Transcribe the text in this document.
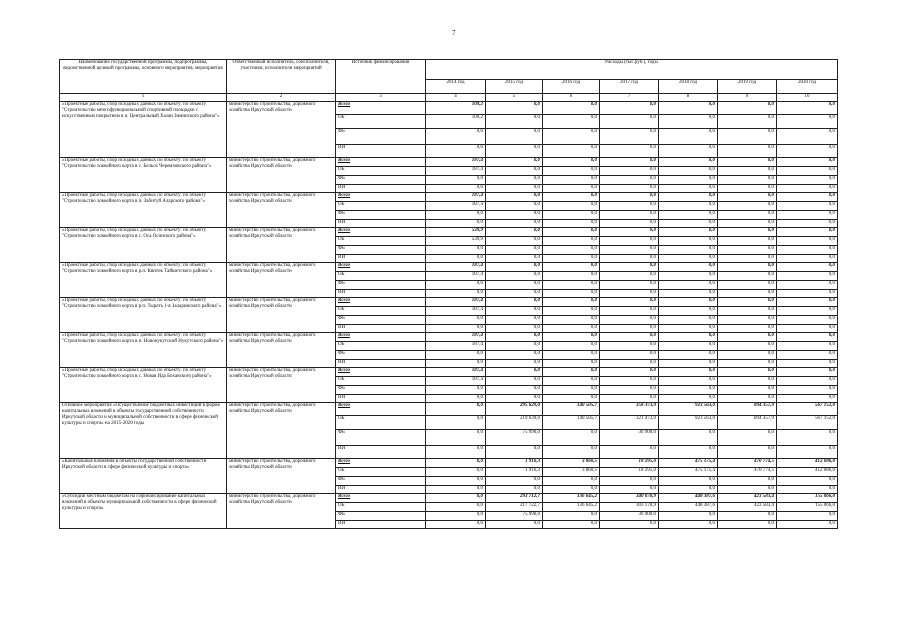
7
Наименование государственной программы, подпрограммы, ведомственной целевой программы, основного мероприятия, мероприятия	Ответственный исполнитель, соисполнители, участники, исполнители мероприятий	Источник финансирования	Расходы (тыс.руб.), годы						
			2014 год	2015 год	2016 год	2017 год	2018 год	2019 год	2020 год
1	2	3	4	5	6	7	8	9	10
«Проектные работы, сбор исходных данных по объекту: по объекту "Строительство многофункциональной спортивной площадки с искусственным покрытием в п. Центральный Хазан Зиминского района"»	министерство строительства, дорожного хозяйства Иркутской области	Всего	109,2	0,0	0,0	0,0	0,0	0,0	0,0
		ОБ	109,2	0,0	0,0	0,0	0,0	0,0	0,0
		ФБ	0,0	0,0	0,0	0,0	0,0	0,0	0,0
		ИИ	0,0	0,0	0,0	0,0	0,0	0,0	0,0
«Проектные работы, сбор исходных данных по объекту: по объекту "Строительство хоккейного корта в с. Бельск Черемховского района"»	министерство строительства, дорожного хозяйства Иркутской области	Всего	187,4	0,0	0,0	0,0	0,0	0,0	0,0
		ОБ	187,4	0,0	0,0	0,0	0,0	0,0	0,0
		ФБ	0,0	0,0	0,0	0,0	0,0	0,0	0,0
		ИИ	0,0	0,0	0,0	0,0	0,0	0,0	0,0
«Проектные работы, сбор исходных данных по объекту: по объекту "Строительство хоккейного корта в п. Забитуй Аларского района"»	министерство строительства, дорожного хозяйства Иркутской области	Всего	187,4	0,0	0,0	0,0	0,0	0,0	0,0
		ОБ	187,4	0,0	0,0	0,0	0,0	0,0	0,0
		ФБ	0,0	0,0	0,0	0,0	0,0	0,0	0,0
		ИИ	0,0	0,0	0,0	0,0	0,0	0,0	0,0
«Проектные работы, сбор исходных данных по объекту: по объекту "Строительство хоккейного корта в с. Оса Осинского района"»	министерство строительства, дорожного хозяйства Иркутской области	Всего	539,9	0,0	0,0	0,0	0,0	0,0	0,0
		ОБ	539,9	0,0	0,0	0,0	0,0	0,0	0,0
		ФБ	0,0	0,0	0,0	0,0	0,0	0,0	0,0
		ИИ	0,0	0,0	0,0	0,0	0,0	0,0	0,0
«Проектные работы, сбор исходных данных по объекту: по объекту "Строительство хоккейного корта в р.п. Квиток Тайшетского района"»	министерство строительства, дорожного хозяйства Иркутской области	Всего	187,4	0,0	0,0	0,0	0,0	0,0	0,0
		ОБ	187,4	0,0	0,0	0,0	0,0	0,0	0,0
		ФБ	0,0	0,0	0,0	0,0	0,0	0,0	0,0
		ИИ	0,0	0,0	0,0	0,0	0,0	0,0	0,0
«Проектные работы, сбор исходных данных по объекту: по объекту "Строительство хоккейного корта в р.п. Тыреть 1-я Заларинского района"»	министерство строительства, дорожного хозяйства Иркутской области	Всего	187,4	0,0	0,0	0,0	0,0	0,0	0,0
		ОБ	187,4	0,0	0,0	0,0	0,0	0,0	0,0
		ФБ	0,0	0,0	0,0	0,0	0,0	0,0	0,0
		ИИ	0,0	0,0	0,0	0,0	0,0	0,0	0,0
«Проектные работы, сбор исходных данных по объекту: по объекту "Строительство хоккейного корта в п. Новонукутский Нукутского района"»	министерство строительства, дорожного хозяйства Иркутской области	Всего	187,4	0,0	0,0	0,0	0,0	0,0	0,0
		ОБ	187,4	0,0	0,0	0,0	0,0	0,0	0,0
		ФБ	0,0	0,0	0,0	0,0	0,0	0,0	0,0
		ИИ	0,0	0,0	0,0	0,0	0,0	0,0	0,0
«Проектные работы, сбор исходных данных по объекту: по объекту "Строительство хоккейного корта в с. Новая Ида Боханского района"»	министерство строительства, дорожного хозяйства Иркутской области	Всего	187,4	0,0	0,0	0,0	0,0	0,0	0,0
		ОБ	187,4	0,0	0,0	0,0	0,0	0,0	0,0
		ФБ	0,0	0,0	0,0	0,0	0,0	0,0	0,0
		ИИ	0,0	0,0	0,0	0,0	0,0	0,0	0,0
Основное мероприятие «Осуществление бюджетных инвестиций в форме капитальных вложений в объекты государственной собственности Иркутской области и муниципальной собственности в сфере физической культуры и спорта» на 2015-2020 годы	министерство строительства, дорожного хозяйства Иркутской области	Всего	0,0	295 629,0	140 505,7	358 373,9	923 563,0	894 357,9	567 152,0
		ОБ	0,0	219 639,0	140 505,7	321 473,9	923 563,0	894 357,9	567 152,0
		ФБ	0,0	75 990,0	0,0	36 900,0	0,0	0,0	0,0
		ИИ	0,0	0,0	0,0	0,0	0,0	0,0	0,0
«Капитальные вложения в объекты государственной собственности Иркутской области в сфере физической культуры и спорта»	министерство строительства, дорожного хозяйства Иркутской области	Всего	0,0	1 916,3	3 860,5	18 295,0	475 175,4	470 774,5	412 086,0
		ОБ	0,0	1 916,3	3 860,5	18 295,0	475 175,4	470 774,5	412 086,0
		ФБ	0,0	0,0	0,0	0,0	0,0	0,0	0,0
		ИИ	0,0	0,0	0,0	0,0	0,0	0,0	0,0
«Субсидии местным бюджетам на софинансирование капитальных вложений в объекты муниципальной собственности в сфере физической культуры и спорта»	министерство строительства, дорожного хозяйства Иркутской области	Всего	0,0	293 712,7	136 645,2	340 078,9	448 387,6	423 583,4	155 066,0
		ОБ	0,0	217 722,7	136 645,2	303 178,9	448 387,6	423 583,4	155 066,0
		ФБ	0,0	75 990,0	0,0	36 900,0	0,0	0,0	0,0
		ИИ	0,0	0,0	0,0	0,0	0,0	0,0	0,0
